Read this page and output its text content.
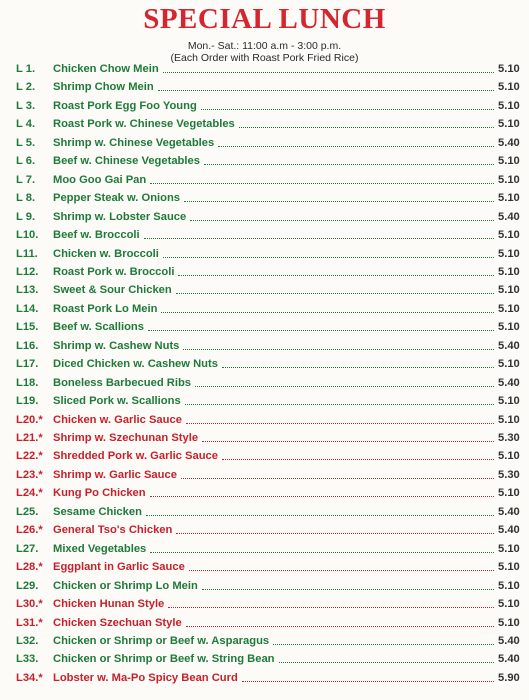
SPECIAL LUNCH
Mon.- Sat.: 11:00 a.m - 3:00 p.m.
(Each Order with Roast Pork Fried Rice)
L 1. Chicken Chow Mein	5.10
L 2. Shrimp Chow Mein	5.10
L 3. Roast Pork Egg Foo Young	5.10
L 4. Roast Pork w. Chinese Vegetables	5.10
L 5. Shrimp w. Chinese Vegetables	5.40
L 6. Beef w. Chinese Vegetables	5.10
L 7. Moo Goo Gai Pan	5.10
L 8. Pepper Steak w. Onions	5.10
L 9. Shrimp w. Lobster Sauce	5.40
L10. Beef w. Broccoli	5.10
L11. Chicken w. Broccoli	5.10
L12. Roast Pork w. Broccoli	5.10
L13. Sweet & Sour Chicken	5.10
L14. Roast Pork Lo Mein	5.10
L15. Beef w. Scallions	5.10
L16. Shrimp w. Cashew Nuts	5.40
L17. Diced Chicken w. Cashew Nuts	5.10
L18. Boneless Barbecued Ribs	5.40
L19. Sliced Pork w. Scallions	5.10
L20.* Chicken w. Garlic Sauce	5.10
L21.* Shrimp w. Szechunan Style	5.30
L22.* Shredded Pork w. Garlic Sauce	5.10
L23.* Shrimp w. Garlic Sauce	5.30
L24.* Kung Po Chicken	5.10
L25. Sesame Chicken	5.40
L26.* General Tso's Chicken	5.40
L27. Mixed Vegetables	5.10
L28.* Eggplant in Garlic Sauce	5.10
L29. Chicken or Shrimp Lo Mein	5.10
L30.* Chicken Hunan Style	5.10
L31.* Chicken Szechuan Style	5.10
L32. Chicken or Shrimp or Beef w. Asparagus	5.40
L33. Chicken or Shrimp or Beef w. String Bean	5.40
L34.* Lobster w. Ma-Po Spicy Bean Curd	5.90
